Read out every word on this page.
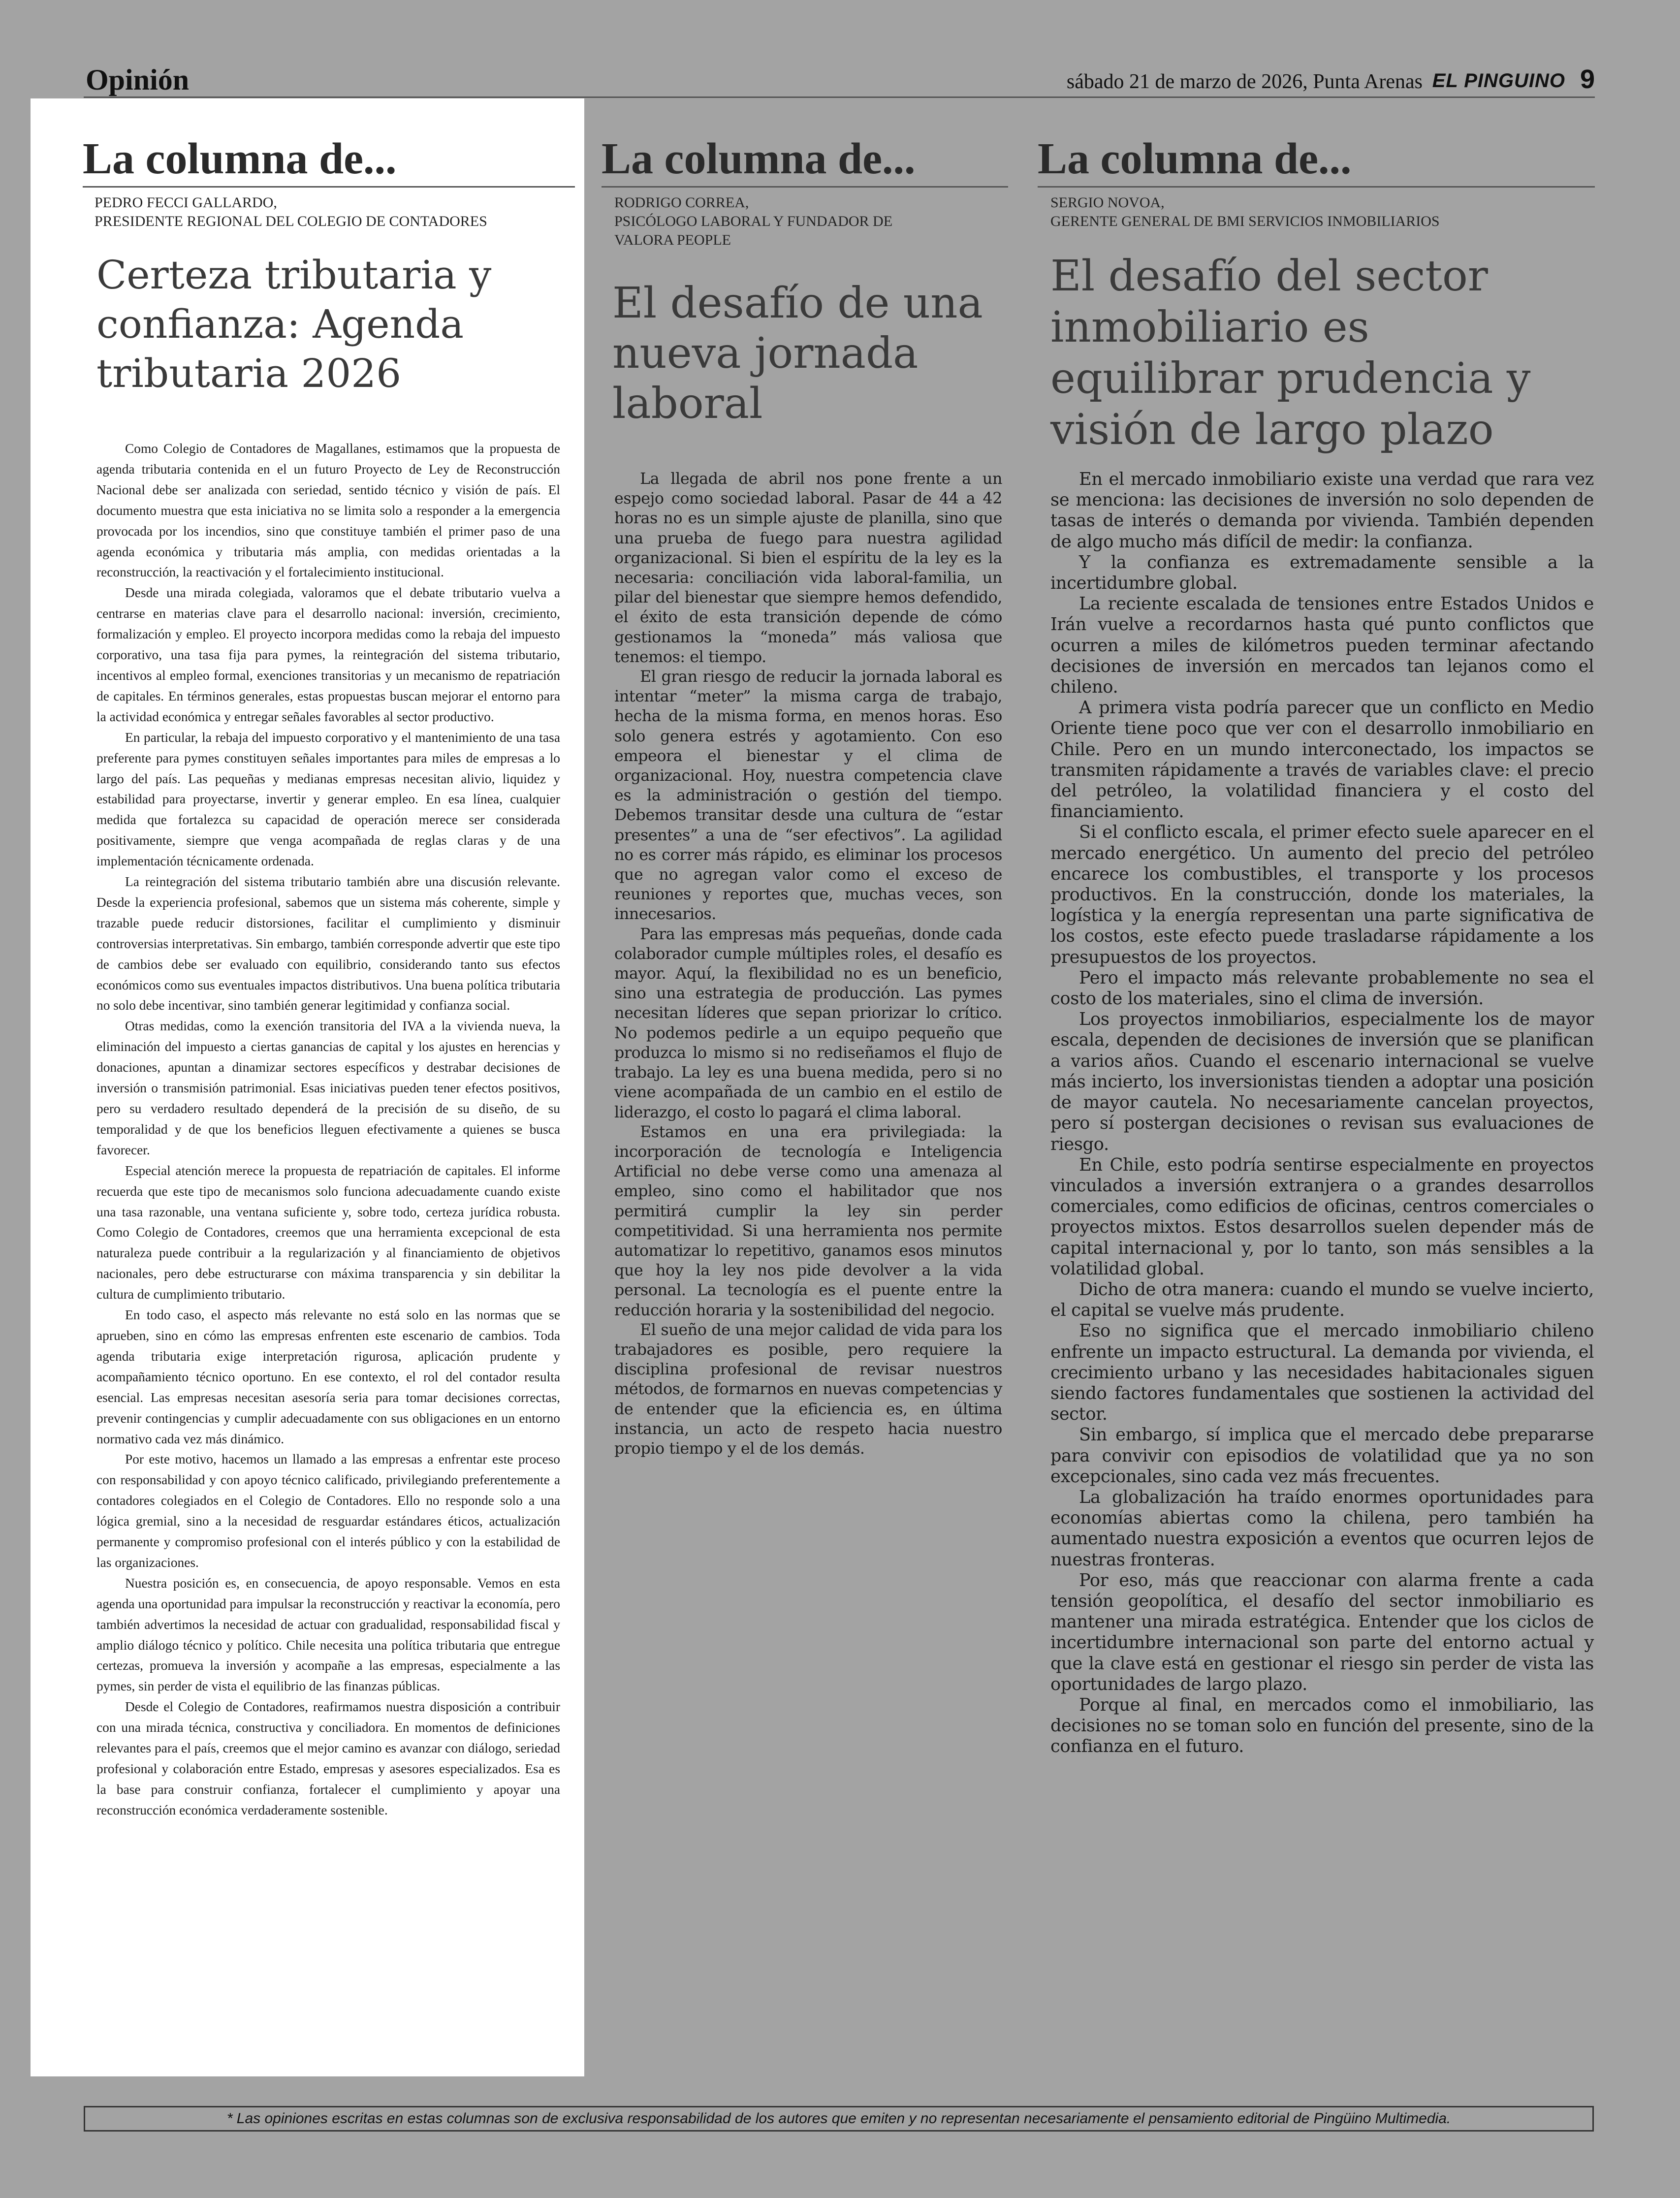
Opinión	sábado 21 de marzo de 2026, Punta Arenas EL PINGUINO 9
La columna de...
PEDRO FECCI GALLARDO,
PRESIDENTE REGIONAL DEL COLEGIO DE CONTADORES
Certeza tributaria y confianza: Agenda tributaria 2026

Como Colegio de Contadores de Magallanes, estimamos que la propuesta de agenda tributaria contenida en el un futuro Proyecto de Ley de Reconstrucción Nacional debe ser analizada con seriedad, sentido técnico y visión de país. El documento muestra que esta iniciativa no se limita solo a responder a la emergencia provocada por los incendios, sino que constituye también el primer paso de una agenda económica y tributaria más amplia, con medidas orientadas a la reconstrucción, la reactivación y el fortalecimiento institucional.

Desde una mirada colegiada, valoramos que el debate tributario vuelva a centrarse en materias clave para el desarrollo nacional: inversión, crecimiento, formalización y empleo. El proyecto incorpora medidas como la rebaja del impuesto corporativo, una tasa fija para pymes, la reintegración del sistema tributario, incentivos al empleo formal, exenciones transitorias y un mecanismo de repatriación de capitales. En términos generales, estas propuestas buscan mejorar el entorno para la actividad económica y entregar señales favorables al sector productivo.

En particular, la rebaja del impuesto corporativo y el mantenimiento de una tasa preferente para pymes constituyen señales importantes para miles de empresas a lo largo del país. Las pequeñas y medianas empresas necesitan alivio, liquidez y estabilidad para proyectarse, invertir y generar empleo. En esa línea, cualquier medida que fortalezca su capacidad de operación merece ser considerada positivamente, siempre que venga acompañada de reglas claras y de una implementación técnicamente ordenada.

La reintegración del sistema tributario también abre una discusión relevante. Desde la experiencia profesional, sabemos que un sistema más coherente, simple y trazable puede reducir distorsiones, facilitar el cumplimiento y disminuir controversias interpretativas. Sin embargo, también corresponde advertir que este tipo de cambios debe ser evaluado con equilibrio, considerando tanto sus efectos económicos como sus eventuales impactos distributivos. Una buena política tributaria no solo debe incentivar, sino también generar legitimidad y confianza social.

Otras medidas, como la exención transitoria del IVA a la vivienda nueva, la eliminación del impuesto a ciertas ganancias de capital y los ajustes en herencias y donaciones, apuntan a dinamizar sectores específicos y destrabar decisiones de inversión o transmisión patrimonial. Esas iniciativas pueden tener efectos positivos, pero su verdadero resultado dependerá de la precisión de su diseño, de su temporalidad y de que los beneficios lleguen efectivamente a quienes se busca favorecer.

Especial atención merece la propuesta de repatriación de capitales. El informe recuerda que este tipo de mecanismos solo funciona adecuadamente cuando existe una tasa razonable, una ventana suficiente y, sobre todo, certeza jurídica robusta. Como Colegio de Contadores, creemos que una herramienta excepcional de esta naturaleza puede contribuir a la regularización y al financiamiento de objetivos nacionales, pero debe estructurarse con máxima transparencia y sin debilitar la cultura de cumplimiento tributario.

En todo caso, el aspecto más relevante no está solo en las normas que se aprueben, sino en cómo las empresas enfrenten este escenario de cambios. Toda agenda tributaria exige interpretación rigurosa, aplicación prudente y acompañamiento técnico oportuno. En ese contexto, el rol del contador resulta esencial. Las empresas necesitan asesoría seria para tomar decisiones correctas, prevenir contingencias y cumplir adecuadamente con sus obligaciones en un entorno normativo cada vez más dinámico.

Por este motivo, hacemos un llamado a las empresas a enfrentar este proceso con responsabilidad y con apoyo técnico calificado, privilegiando preferentemente a contadores colegiados en el Colegio de Contadores. Ello no responde solo a una lógica gremial, sino a la necesidad de resguardar estándares éticos, actualización permanente y compromiso profesional con el interés público y con la estabilidad de las organizaciones.

Nuestra posición es, en consecuencia, de apoyo responsable. Vemos en esta agenda una oportunidad para impulsar la reconstrucción y reactivar la economía, pero también advertimos la necesidad de actuar con gradualidad, responsabilidad fiscal y amplio diálogo técnico y político. Chile necesita una política tributaria que entregue certezas, promueva la inversión y acompañe a las empresas, especialmente a las pymes, sin perder de vista el equilibrio de las finanzas públicas.

Desde el Colegio de Contadores, reafirmamos nuestra disposición a contribuir con una mirada técnica, constructiva y conciliadora. En momentos de definiciones relevantes para el país, creemos que el mejor camino es avanzar con diálogo, seriedad profesional y colaboración entre Estado, empresas y asesores especializados. Esa es la base para construir confianza, fortalecer el cumplimiento y apoyar una reconstrucción económica verdaderamente sostenible.

La columna de...
RODRIGO CORREA,
PSICÓLOGO LABORAL Y FUNDADOR DE
VALORA PEOPLE
El desafío de una nueva jornada laboral

La llegada de abril nos pone frente a un espejo como sociedad laboral. Pasar de 44 a 42 horas no es un simple ajuste de planilla, sino que una prueba de fuego para nuestra agilidad organizacional. Si bien el espíritu de la ley es la necesaria: conciliación vida laboral-familia, un pilar del bienestar que siempre hemos defendido, el éxito de esta transición depende de cómo gestionamos la “moneda” más valiosa que tenemos: el tiempo.

El gran riesgo de reducir la jornada laboral es intentar “meter” la misma carga de trabajo, hecha de la misma forma, en menos horas. Eso solo genera estrés y agotamiento. Con eso empeora el bienestar y el clima de organizacional. Hoy, nuestra competencia clave es la administración o gestión del tiempo. Debemos transitar desde una cultura de “estar presentes” a una de “ser efectivos”. La agilidad no es correr más rápido, es eliminar los procesos que no agregan valor como el exceso de reuniones y reportes que, muchas veces, son innecesarios.

Para las empresas más pequeñas, donde cada colaborador cumple múltiples roles, el desafío es mayor. Aquí, la flexibilidad no es un beneficio, sino una estrategia de producción. Las pymes necesitan líderes que sepan priorizar lo crítico. No podemos pedirle a un equipo pequeño que produzca lo mismo si no rediseñamos el flujo de trabajo. La ley es una buena medida, pero si no viene acompañada de un cambio en el estilo de liderazgo, el costo lo pagará el clima laboral.

Estamos en una era privilegiada: la incorporación de tecnología e Inteligencia Artificial no debe verse como una amenaza al empleo, sino como el habilitador que nos permitirá cumplir la ley sin perder competitividad. Si una herramienta nos permite automatizar lo repetitivo, ganamos esos minutos que hoy la ley nos pide devolver a la vida personal. La tecnología es el puente entre la reducción horaria y la sostenibilidad del negocio.

El sueño de una mejor calidad de vida para los trabajadores es posible, pero requiere la disciplina profesional de revisar nuestros métodos, de formarnos en nuevas competencias y de entender que la eficiencia es, en última instancia, un acto de respeto hacia nuestro propio tiempo y el de los demás.

La columna de...
SERGIO NOVOA,
GERENTE GENERAL DE BMI SERVICIOS INMOBILIARIOS
El desafío del sector inmobiliario es equilibrar prudencia y visión de largo plazo

En el mercado inmobiliario existe una verdad que rara vez se menciona: las decisiones de inversión no solo dependen de tasas de interés o demanda por vivienda. También dependen de algo mucho más difícil de medir: la confianza.

Y la confianza es extremadamente sensible a la incertidumbre global.

La reciente escalada de tensiones entre Estados Unidos e Irán vuelve a recordarnos hasta qué punto conflictos que ocurren a miles de kilómetros pueden terminar afectando decisiones de inversión en mercados tan lejanos como el chileno.

A primera vista podría parecer que un conflicto en Medio Oriente tiene poco que ver con el desarrollo inmobiliario en Chile. Pero en un mundo interconectado, los impactos se transmiten rápidamente a través de variables clave: el precio del petróleo, la volatilidad financiera y el costo del financiamiento.

Si el conflicto escala, el primer efecto suele aparecer en el mercado energético. Un aumento del precio del petróleo encarece los combustibles, el transporte y los procesos productivos. En la construcción, donde los materiales, la logística y la energía representan una parte significativa de los costos, este efecto puede trasladarse rápidamente a los presupuestos de los proyectos.

Pero el impacto más relevante probablemente no sea el costo de los materiales, sino el clima de inversión.

Los proyectos inmobiliarios, especialmente los de mayor escala, dependen de decisiones de inversión que se planifican a varios años. Cuando el escenario internacional se vuelve más incierto, los inversionistas tienden a adoptar una posición de mayor cautela. No necesariamente cancelan proyectos, pero sí postergan decisiones o revisan sus evaluaciones de riesgo.

En Chile, esto podría sentirse especialmente en proyectos vinculados a inversión extranjera o a grandes desarrollos comerciales, como edificios de oficinas, centros comerciales o proyectos mixtos. Estos desarrollos suelen depender más de capital internacional y, por lo tanto, son más sensibles a la volatilidad global.

Dicho de otra manera: cuando el mundo se vuelve incierto, el capital se vuelve más prudente.

Eso no significa que el mercado inmobiliario chileno enfrente un impacto estructural. La demanda por vivienda, el crecimiento urbano y las necesidades habitacionales siguen siendo factores fundamentales que sostienen la actividad del sector.

Sin embargo, sí implica que el mercado debe prepararse para convivir con episodios de volatilidad que ya no son excepcionales, sino cada vez más frecuentes.

La globalización ha traído enormes oportunidades para economías abiertas como la chilena, pero también ha aumentado nuestra exposición a eventos que ocurren lejos de nuestras fronteras.

Por eso, más que reaccionar con alarma frente a cada tensión geopolítica, el desafío del sector inmobiliario es mantener una mirada estratégica. Entender que los ciclos de incertidumbre internacional son parte del entorno actual y que la clave está en gestionar el riesgo sin perder de vista las oportunidades de largo plazo.

Porque al final, en mercados como el inmobiliario, las decisiones no se toman solo en función del presente, sino de la confianza en el futuro.

* Las opiniones escritas en estas columnas son de exclusiva responsabilidad de los autores que emiten y no representan necesariamente el pensamiento editorial de Pingüino Multimedia.
